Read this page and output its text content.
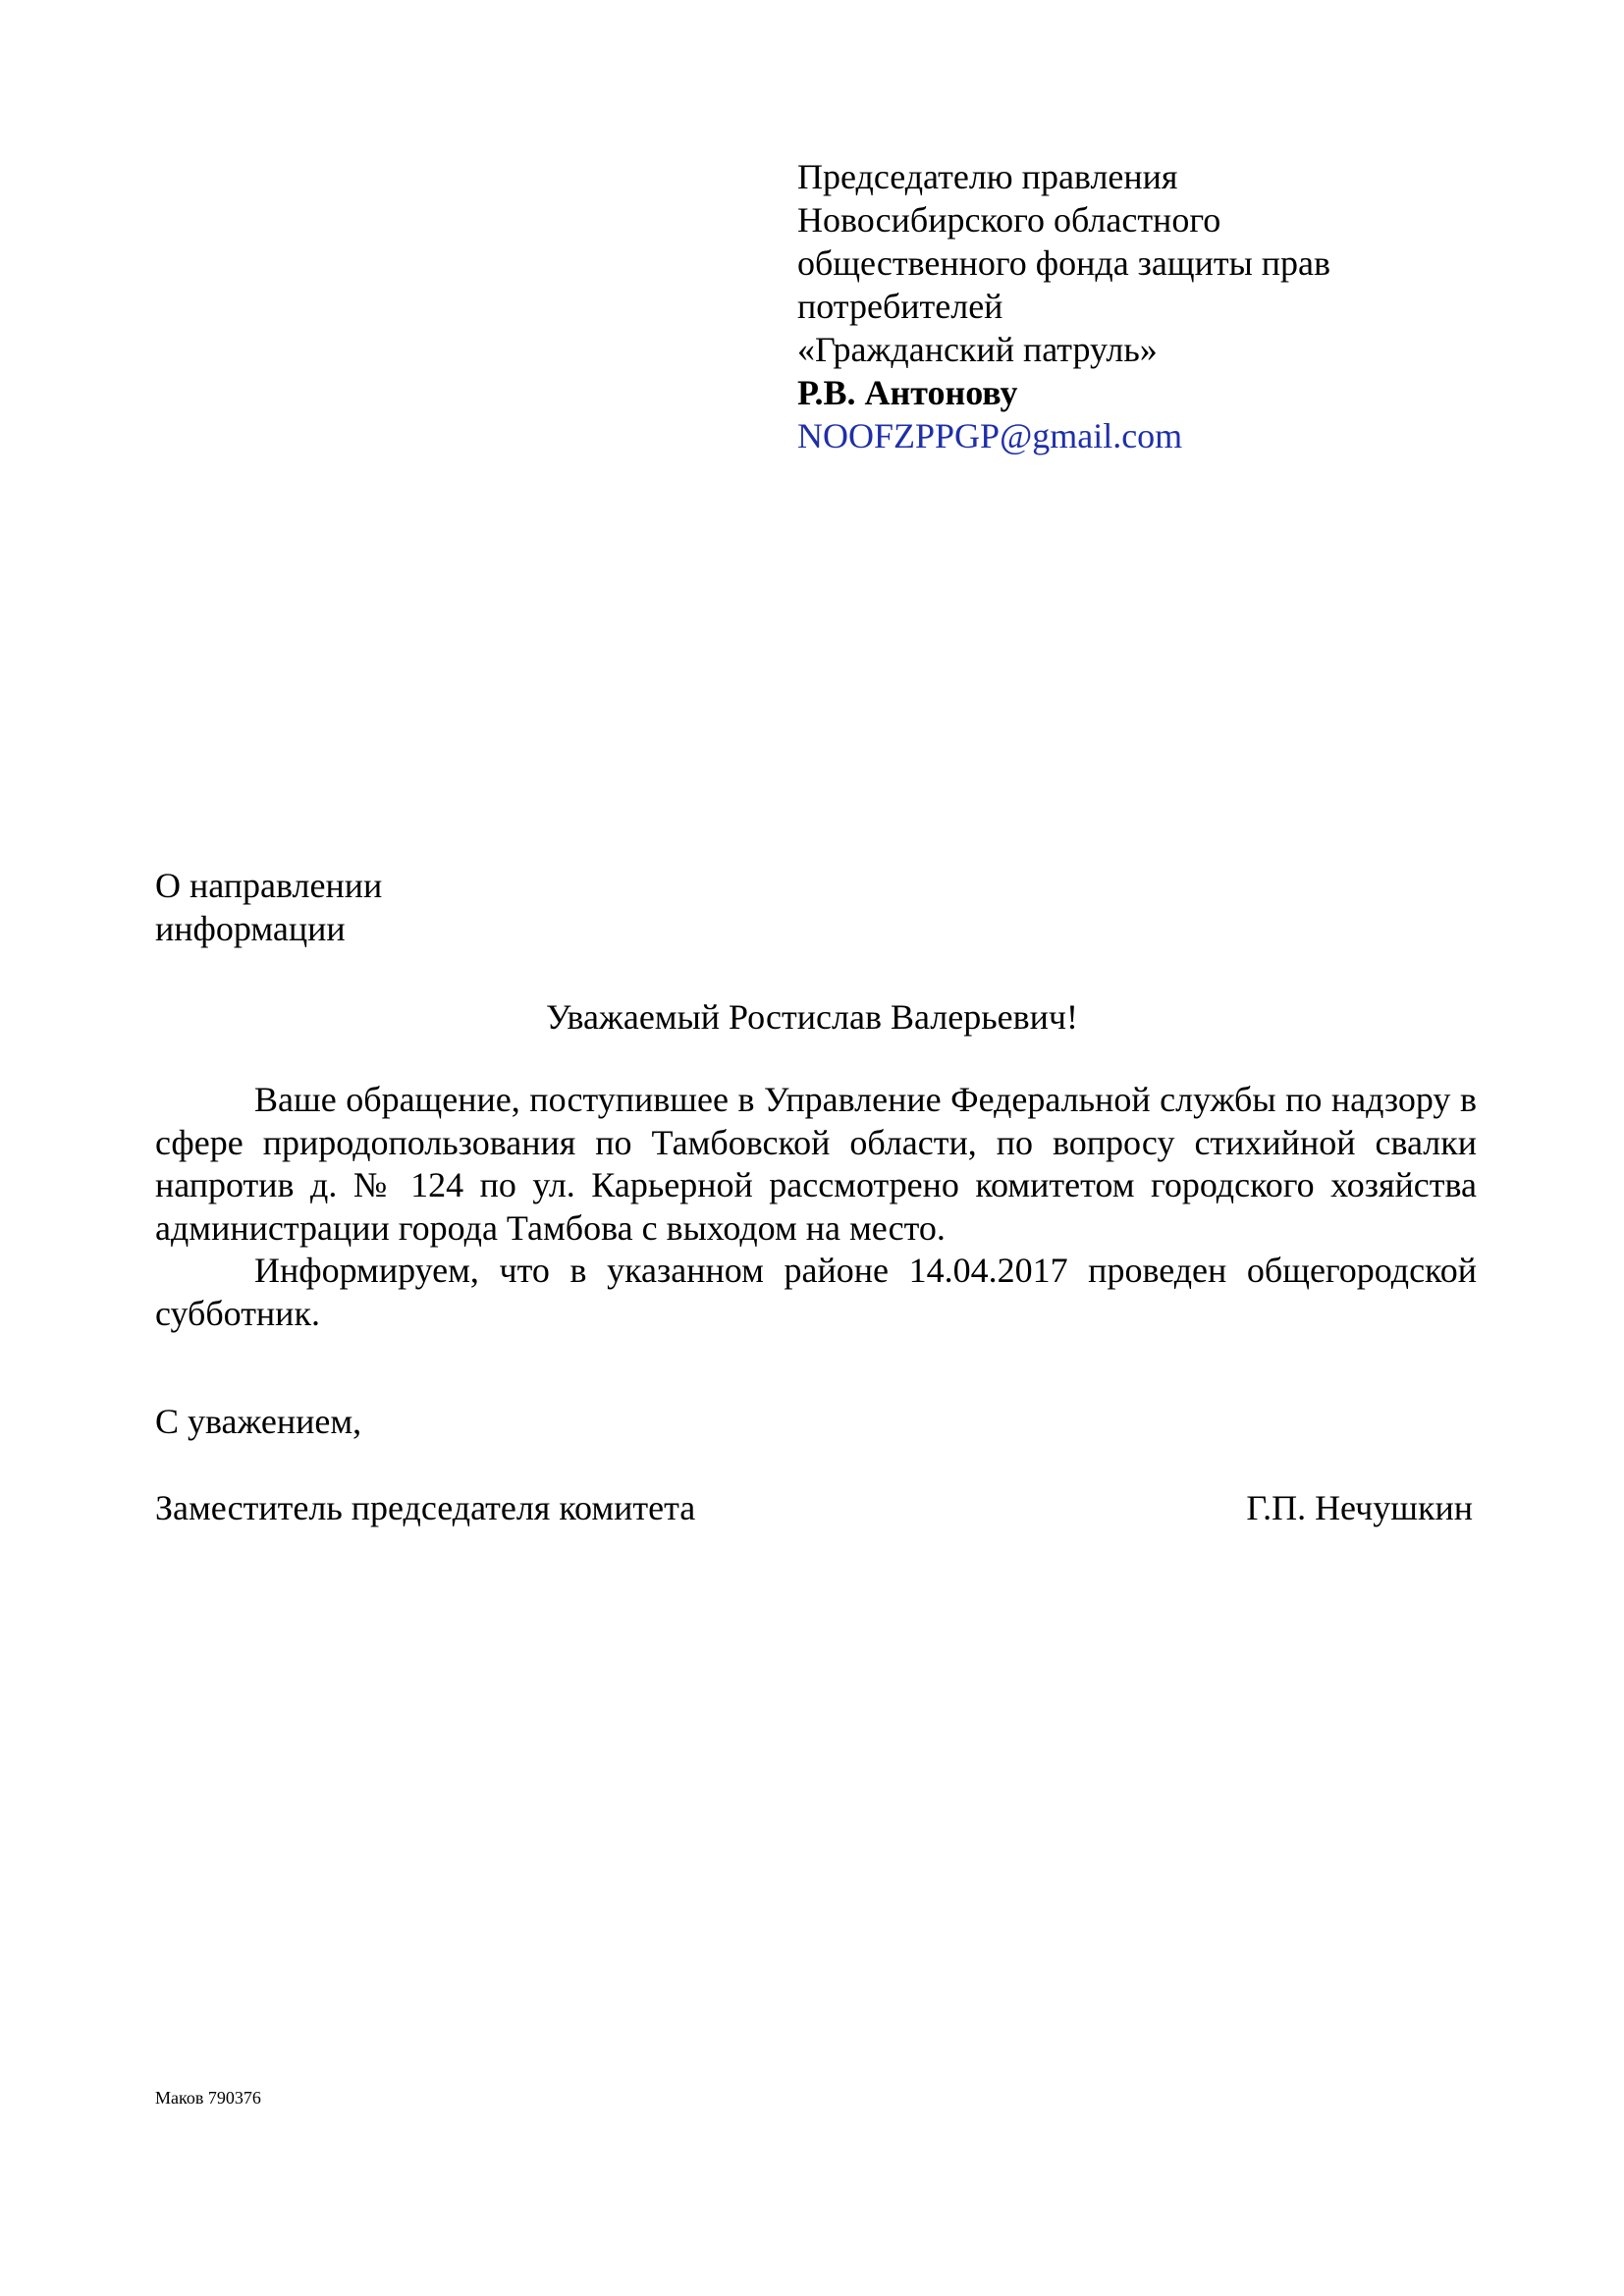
Председателю правления
Новосибирского областного
общественного фонда защиты прав
потребителей
«Гражданский патруль»
Р.В. Антонову
NOOFZPPGP@gmail.com
О направлении
информации
Уважаемый Ростислав Валерьевич!

Ваше обращение, поступившее в Управление Федеральной службы по надзору в сфере природопользования по Тамбовской области, по вопросу стихийной свалки напротив д. № 124 по ул. Карьерной рассмотрено комитетом городского хозяйства администрации города Тамбова с выходом на место.

Информируем, что в указанном районе 14.04.2017 проведен общегородской субботник.

С уважением,
Заместитель председателя комитета	Г.П. Нечушкин
Маков 790376
